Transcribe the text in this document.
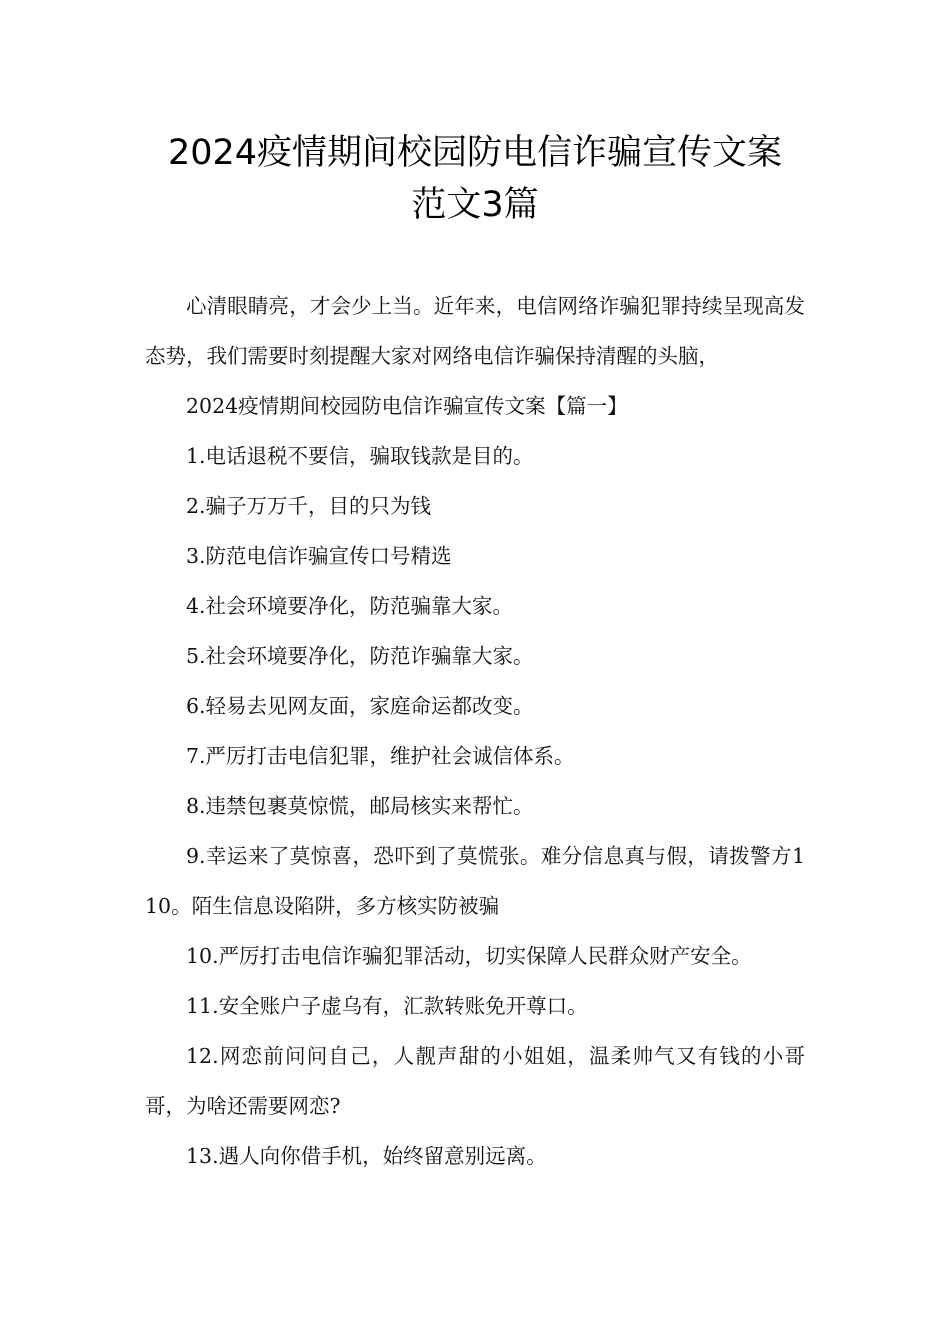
2024疫情期间校园防电信诈骗宣传文案
范文3篇

心清眼睛亮，才会少上当。近年来，电信网络诈骗犯罪持续呈现高发态势，我们需要时刻提醒大家对网络电信诈骗保持清醒的头脑，

2024疫情期间校园防电信诈骗宣传文案【篇一】

1.电话退税不要信，骗取钱款是目的。

2.骗子万万千，目的只为钱

3.防范电信诈骗宣传口号精选

4.社会环境要净化，防范骗靠大家。

5.社会环境要净化，防范诈骗靠大家。

6.轻易去见网友面，家庭命运都改变。

7.严厉打击电信犯罪，维护社会诚信体系。

8.违禁包裹莫惊慌，邮局核实来帮忙。

9.幸运来了莫惊喜，恐吓到了莫慌张。难分信息真与假，请拨警方110。陌生信息设陷阱，多方核实防被骗

10.严厉打击电信诈骗犯罪活动，切实保障人民群众财产安全。

11.安全账户子虚乌有，汇款转账免开尊口。

12.网恋前问问自己，人靓声甜的小姐姐，温柔帅气又有钱的小哥哥，为啥还需要网恋?

13.遇人向你借手机，始终留意别远离。
